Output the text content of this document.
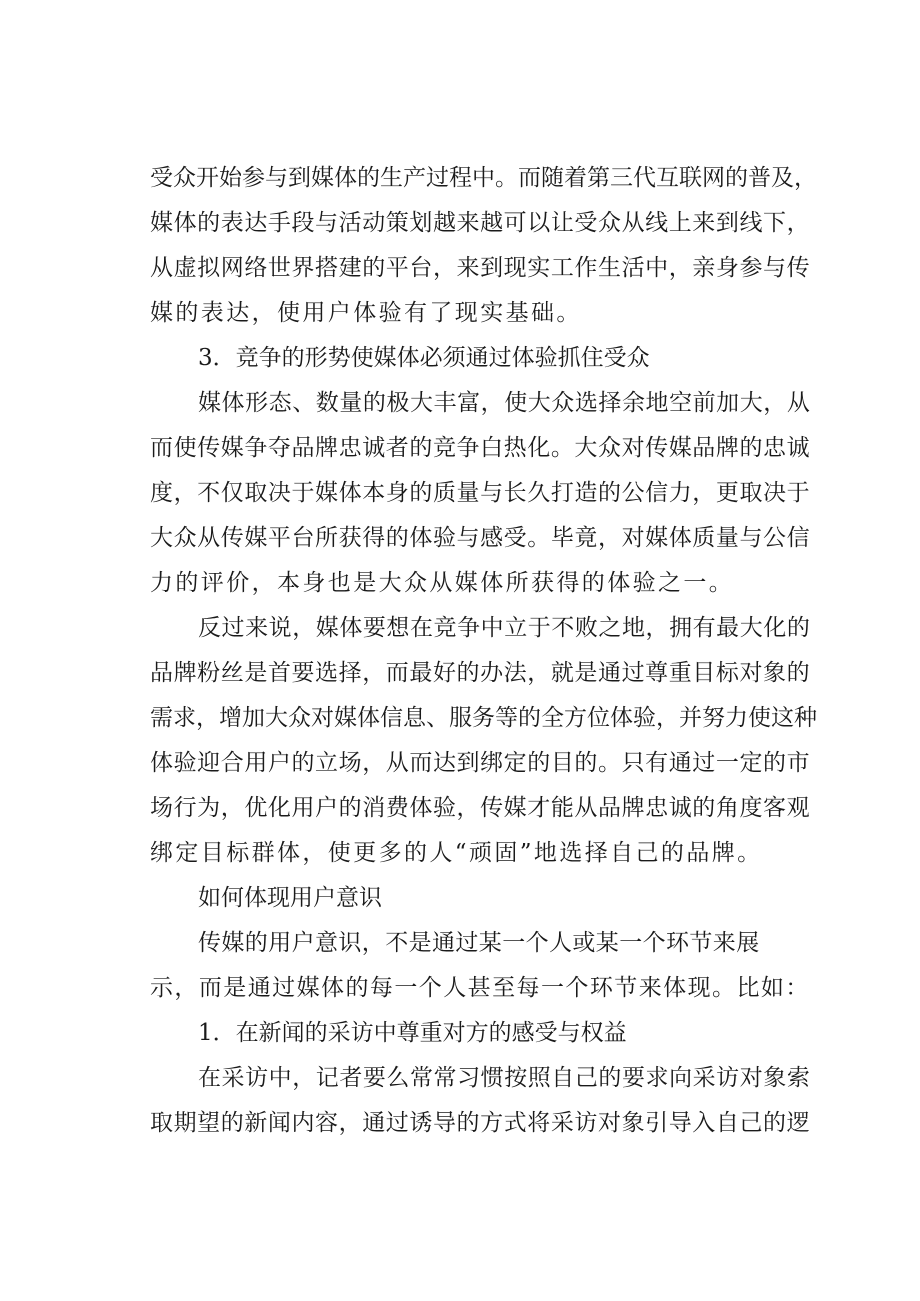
受众开始参与到媒体的生产过程中。而随着第三代互联网的普及，
媒体的表达手段与活动策划越来越可以让受众从线上来到线下，
从虚拟网络世界搭建的平台，来到现实工作生活中，亲身参与传
媒的表达，使用户体验有了现实基础。
3．竞争的形势使媒体必须通过体验抓住受众
媒体形态、数量的极大丰富，使大众选择余地空前加大，从
而使传媒争夺品牌忠诚者的竞争白热化。大众对传媒品牌的忠诚
度，不仅取决于媒体本身的质量与长久打造的公信力，更取决于
大众从传媒平台所获得的体验与感受。毕竟，对媒体质量与公信
力的评价，本身也是大众从媒体所获得的体验之一。
反过来说，媒体要想在竞争中立于不败之地，拥有最大化的
品牌粉丝是首要选择，而最好的办法，就是通过尊重目标对象的
需求，增加大众对媒体信息、服务等的全方位体验，并努力使这种
体验迎合用户的立场，从而达到绑定的目的。只有通过一定的市
场行为，优化用户的消费体验，传媒才能从品牌忠诚的角度客观
绑定目标群体，使更多的人“顽固”地选择自己的品牌。
如何体现用户意识
传媒的用户意识，不是通过某一个人或某一个环节来展
示，而是通过媒体的每一个人甚至每一个环节来体现。比如：
1．在新闻的采访中尊重对方的感受与权益
在采访中，记者要么常常习惯按照自己的要求向采访对象索
取期望的新闻内容，通过诱导的方式将采访对象引导入自己的逻
